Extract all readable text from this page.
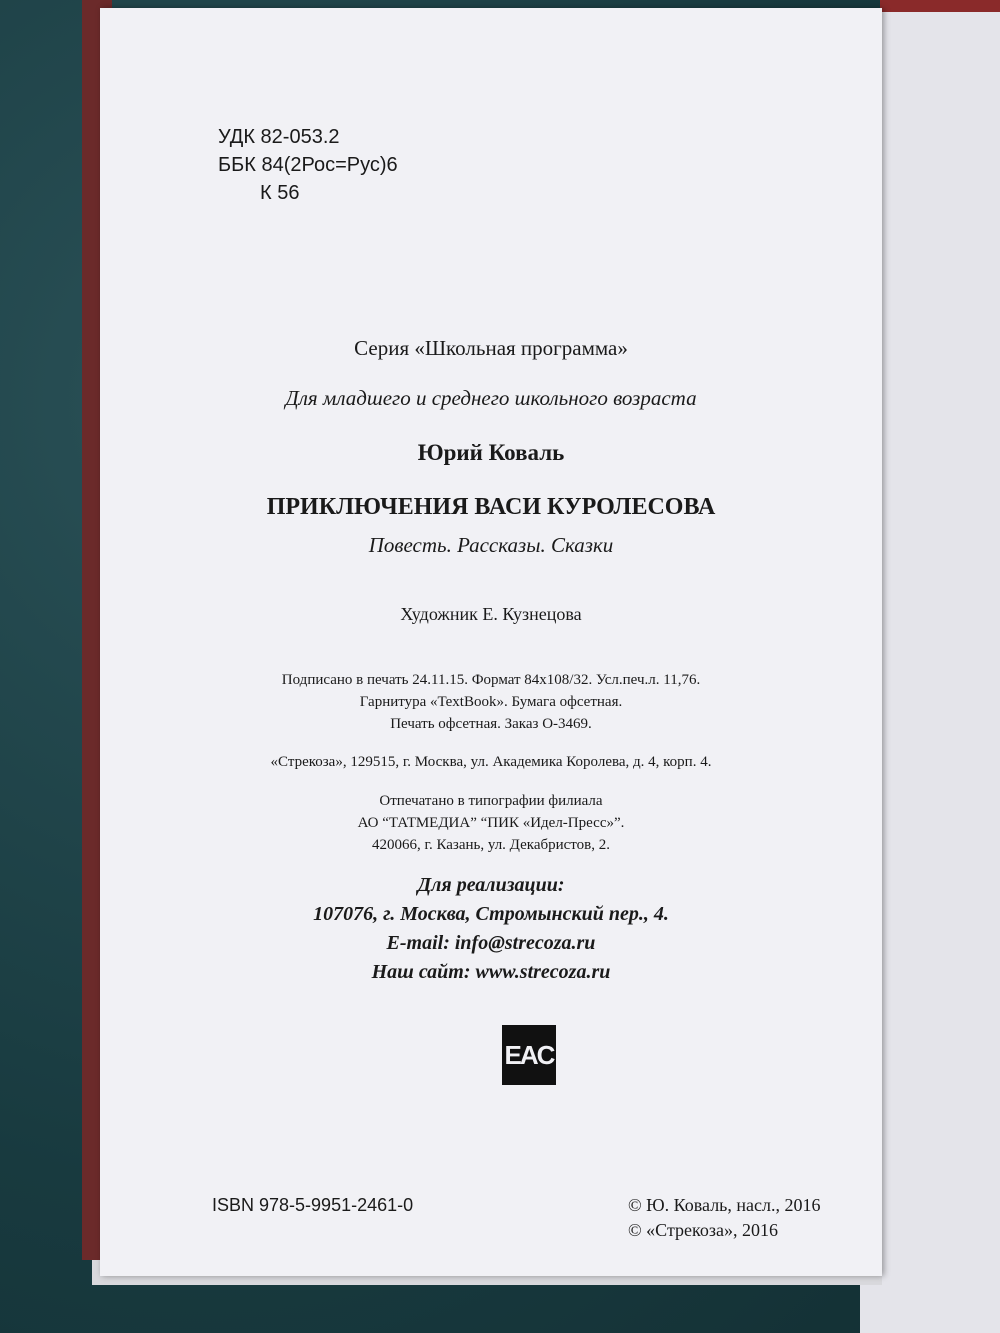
УДК 82-053.2
ББК 84(2Рос=Рус)6
К 56
Серия «Школьная программа»
Для младшего и среднего школьного возраста
Юрий Коваль
ПРИКЛЮЧЕНИЯ ВАСИ КУРОЛЕСОВА
Повесть. Рассказы. Сказки
Художник Е. Кузнецова
Подписано в печать 24.11.15. Формат 84x108/32. Усл.печ.л. 11,76.
Гарнитура «TextBook». Бумага офсетная.
Печать офсетная. Заказ О-3469.
«Стрекоза», 129515, г. Москва, ул. Академика Королева, д. 4, корп. 4.
Отпечатано в типографии филиала
АО “ТАТМЕДИА” “ПИК «Идел-Пресс»”.
420066, г. Казань, ул. Декабристов, 2.
Для реализации:
107076, г. Москва, Стромынский пер., 4.
E-mail: info@strecoza.ru
Наш сайт: www.strecoza.ru
EAC
ISBN 978-5-9951-2461-0	© Ю. Коваль, насл., 2016
© «Стрекоза», 2016
